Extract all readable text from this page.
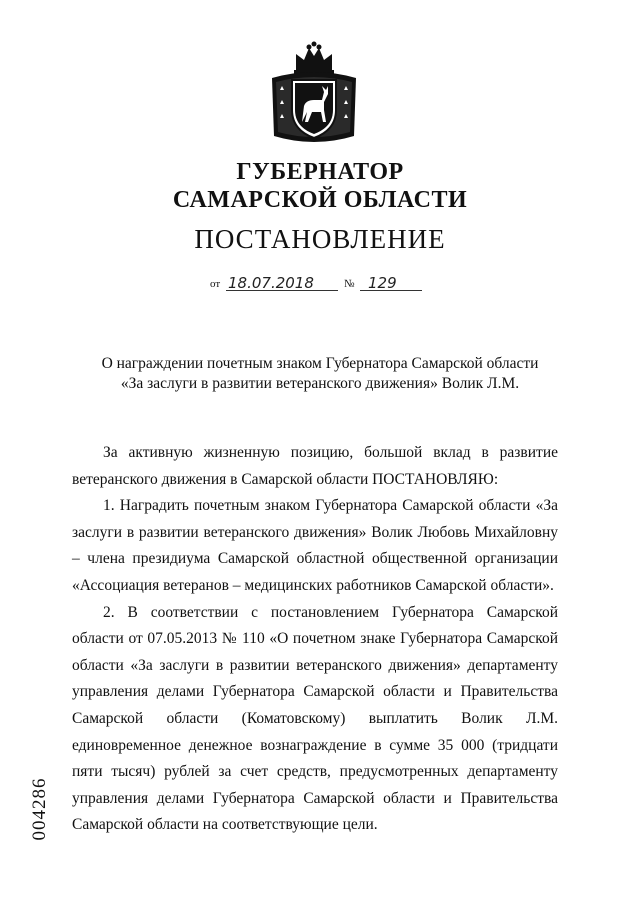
ГУБЕРНАТОР
САМАРСКОЙ ОБЛАСТИ
ПОСТАНОВЛЕНИЕ
от 18.07.2018	№ 129
О награждении почетным знаком Губернатора Самарской области
«За заслуги в развитии ветеранского движения» Волик Л.М.

За активную жизненную позицию, большой вклад в развитие ветеранского движения в Самарской области ПОСТАНОВЛЯЮ:

1. Наградить почетным знаком Губернатора Самарской области «За заслуги в развитии ветеранского движения» Волик Любовь Михайловну – члена президиума Самарской областной общественной организации «Ассоциация ветеранов – медицинских работников Самарской области».

2. В соответствии с постановлением Губернатора Самарской области от 07.05.2013 № 110 «О почетном знаке Губернатора Самарской области «За заслуги в развитии ветеранского движения» департаменту управления делами Губернатора Самарской области и Правительства Самарской области (Коматовскому) выплатить Волик Л.М. единовременное денежное вознаграждение в сумме 35 000 (тридцати пяти тысяч) рублей за счет средств, предусмотренных департаменту управления делами Губернатора Самарской области и Правительства Самарской области на соответствующие цели.

004286
